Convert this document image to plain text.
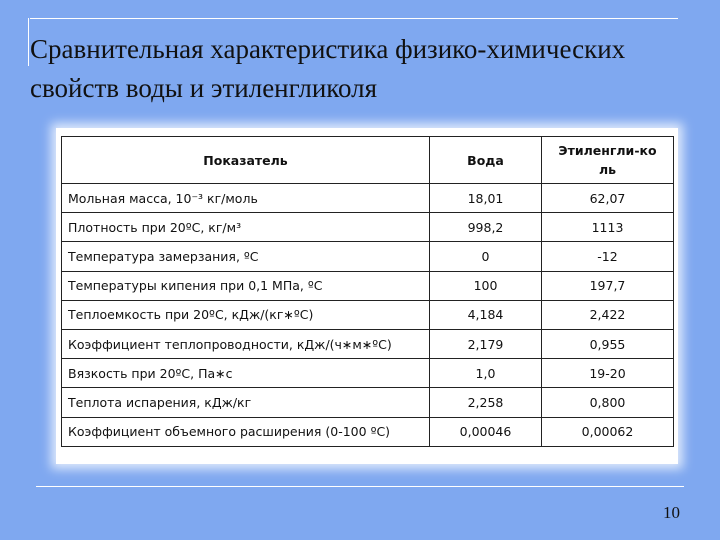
Сравнительная характеристика физико-химических свойств воды и этиленгликоля
Показатель	Вода	Этиленгли-коль
Мольная масса, 10⁻³ кг/моль	18,01	62,07
Плотность при 20ºС, кг/м³	998,2	1113
Температура замерзания, ºС	0	-12
Температуры кипения при 0,1 МПа, ºС	100	197,7
Теплоемкость при 20ºС, кДж/(кг∗ºС)	4,184	2,422
Коэффициент теплопроводности, кДж/(ч∗м∗ºС)	2,179	0,955
Вязкость при 20ºС, Па∗с	1,0	19-20
Теплота испарения, кДж/кг	2,258	0,800
Коэффициент объемного расширения (0-100 ºС)	0,00046	0,00062
10
